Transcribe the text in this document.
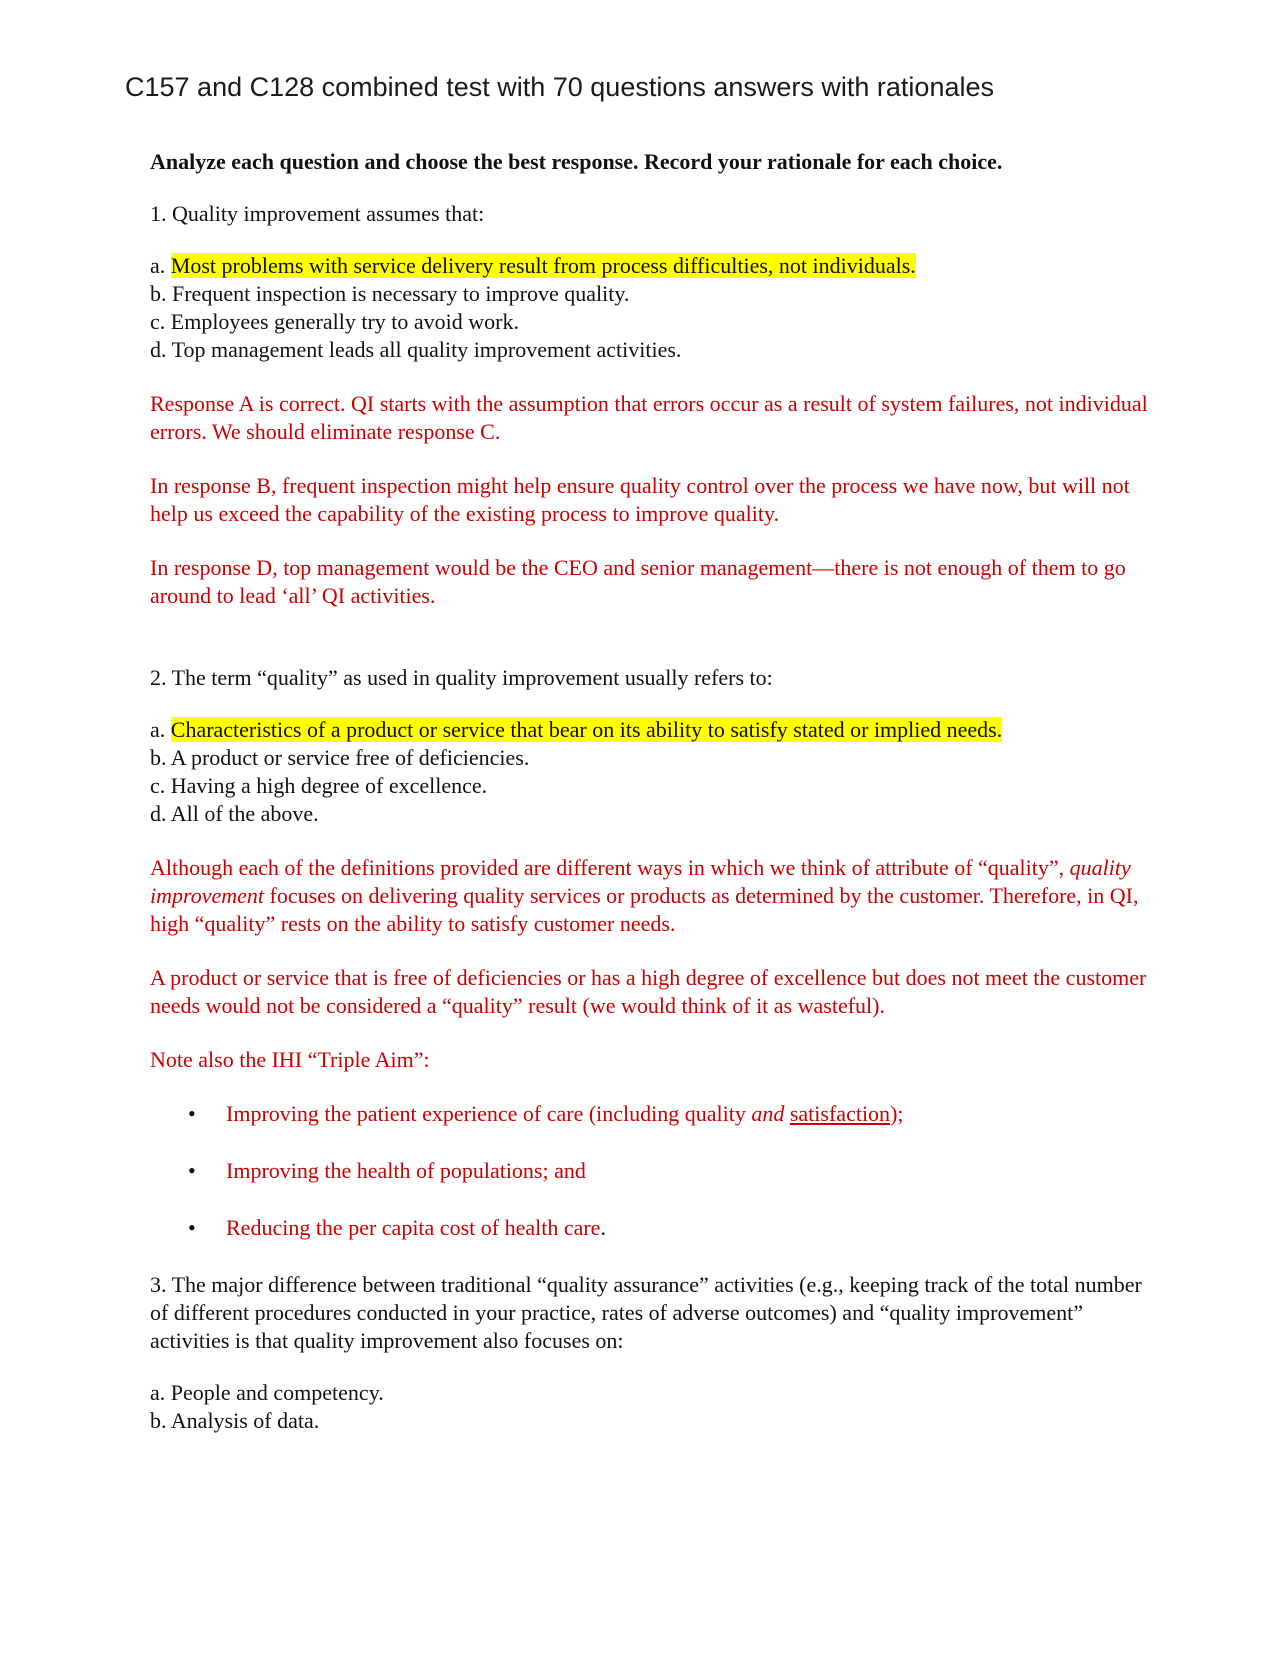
C157 and C128 combined test with 70 questions answers with rationales

Analyze each question and choose the best response. Record your rationale for each choice.

1. Quality improvement assumes that:

a. Most problems with service delivery result from process difficulties, not individuals.

b. Frequent inspection is necessary to improve quality.

c. Employees generally try to avoid work.

d. Top management leads all quality improvement activities.

Response A is correct. QI starts with the assumption that errors occur as a result of system failures, not individual errors. We should eliminate response C.

In response B, frequent inspection might help ensure quality control over the process we have now, but will not help us exceed the capability of the existing process to improve quality.

In response D, top management would be the CEO and senior management—there is not enough of them to go around to lead ‘all’ QI activities.

2. The term “quality” as used in quality improvement usually refers to:

a. Characteristics of a product or service that bear on its ability to satisfy stated or implied needs.

b. A product or service free of deficiencies.

c. Having a high degree of excellence.

d. All of the above.

Although each of the definitions provided are different ways in which we think of attribute of “quality”, quality improvement focuses on delivering quality services or products as determined by the customer. Therefore, in QI, high “quality” rests on the ability to satisfy customer needs.

A product or service that is free of deficiencies or has a high degree of excellence but does not meet the customer needs would not be considered a “quality” result (we would think of it as wasteful).

Note also the IHI “Triple Aim”:

• Improving the patient experience of care (including quality and satisfaction);
• Improving the health of populations; and
• Reducing the per capita cost of health care.

3. The major difference between traditional “quality assurance” activities (e.g., keeping track of the total number of different procedures conducted in your practice, rates of adverse outcomes) and “quality improvement” activities is that quality improvement also focuses on:

a. People and competency.

b. Analysis of data.
